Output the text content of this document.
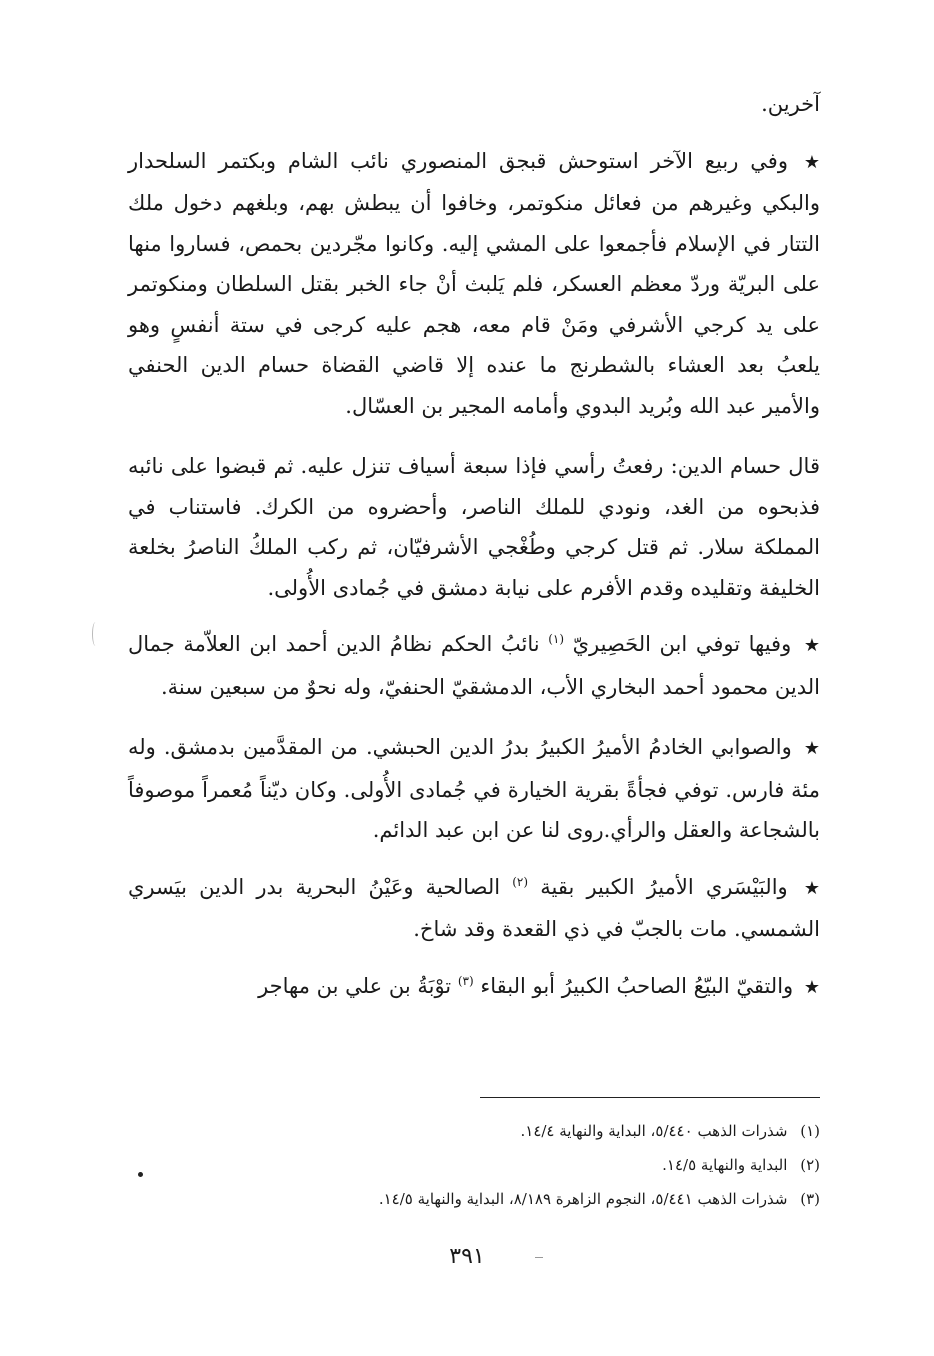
آخرين.

★ وفي ربيع الآخر استوحش قبجق المنصوري نائب الشام وبكتمر السلحدار والبكي وغيرهم من فعائل منكوتمر، وخافوا أن يبطش بهم، وبلغهم دخول ملك التتار في الإسلام فأجمعوا على المشي إليه. وكانوا مجّردين بحمص، فساروا منها على البريّة وردّ معظم العسكر، فلم يَلبث أنْ جاء الخبر بقتل السلطان ومنكوتمر على يد كرجي الأشرفي ومَنْ قام معه، هجم عليه كرجى في ستة أنفسٍ وهو يلعبُ بعد العشاء بالشطرنج ما عنده إلا قاضي القضاة حسام الدين الحنفي والأمير عبد الله وبُريد البدوي وأمامه المجير بن العسّال.

قال حسام الدين: رفعتُ رأسي فإذا سبعة أسياف تنزل عليه. ثم قبضوا على نائبه فذبحوه من الغد، ونودي للملك الناصر، وأحضروه من الكرك. فاستناب في المملكة سلار. ثم قتل كرجي وطُغْجي الأشرفيّان، ثم ركب الملكُ الناصرُ بخلعة الخليفة وتقليده وقدم الأفرم على نيابة دمشق في جُمادى الأُولى.

★ وفيها توفي ابن الحَصِيريّ $^{(١)}$ نائبُ الحكم نظامُ الدين أحمد ابن العلاّمة جمال الدين محمود أحمد البخاري الأب، الدمشقيّ الحنفيّ، وله نحوٌ من سبعين سنة.

★ والصوابي الخادمُ الأميرُ الكبيرُ بدرُ الدين الحبشي. من المقدَّمين بدمشق. وله مئة فارس. توفي فجأةً بقرية الخيارة في جُمادى الأُولى. وكان ديّناً مُعمراً موصوفاً بالشجاعة والعقل والرأي.روى لنا عن ابن عبد الدائم.

★ والبَيْسَري الأميرُ الكبير بقية $^{(٢)}$ الصالحية وعَيْنُ البحرية بدر الدين بيَسري الشمسي. مات بالجبّ في ذي القعدة وقد شاخ.

★ والتقيّ البيّعُ الصاحبُ الكبيرُ أبو البقاء $^{(٣)}$ توْبَةُ بن علي بن مهاجر

(١) شذرات الذهب ٥/٤٤٠، البداية والنهاية ١٤/٤.

(٢) البداية والنهاية ١٤/٥.

(٣) شذرات الذهب ٥/٤٤١، النجوم الزاهرة ٨/١٨٩، البداية والنهاية ١٤/٥.

٣٩١
